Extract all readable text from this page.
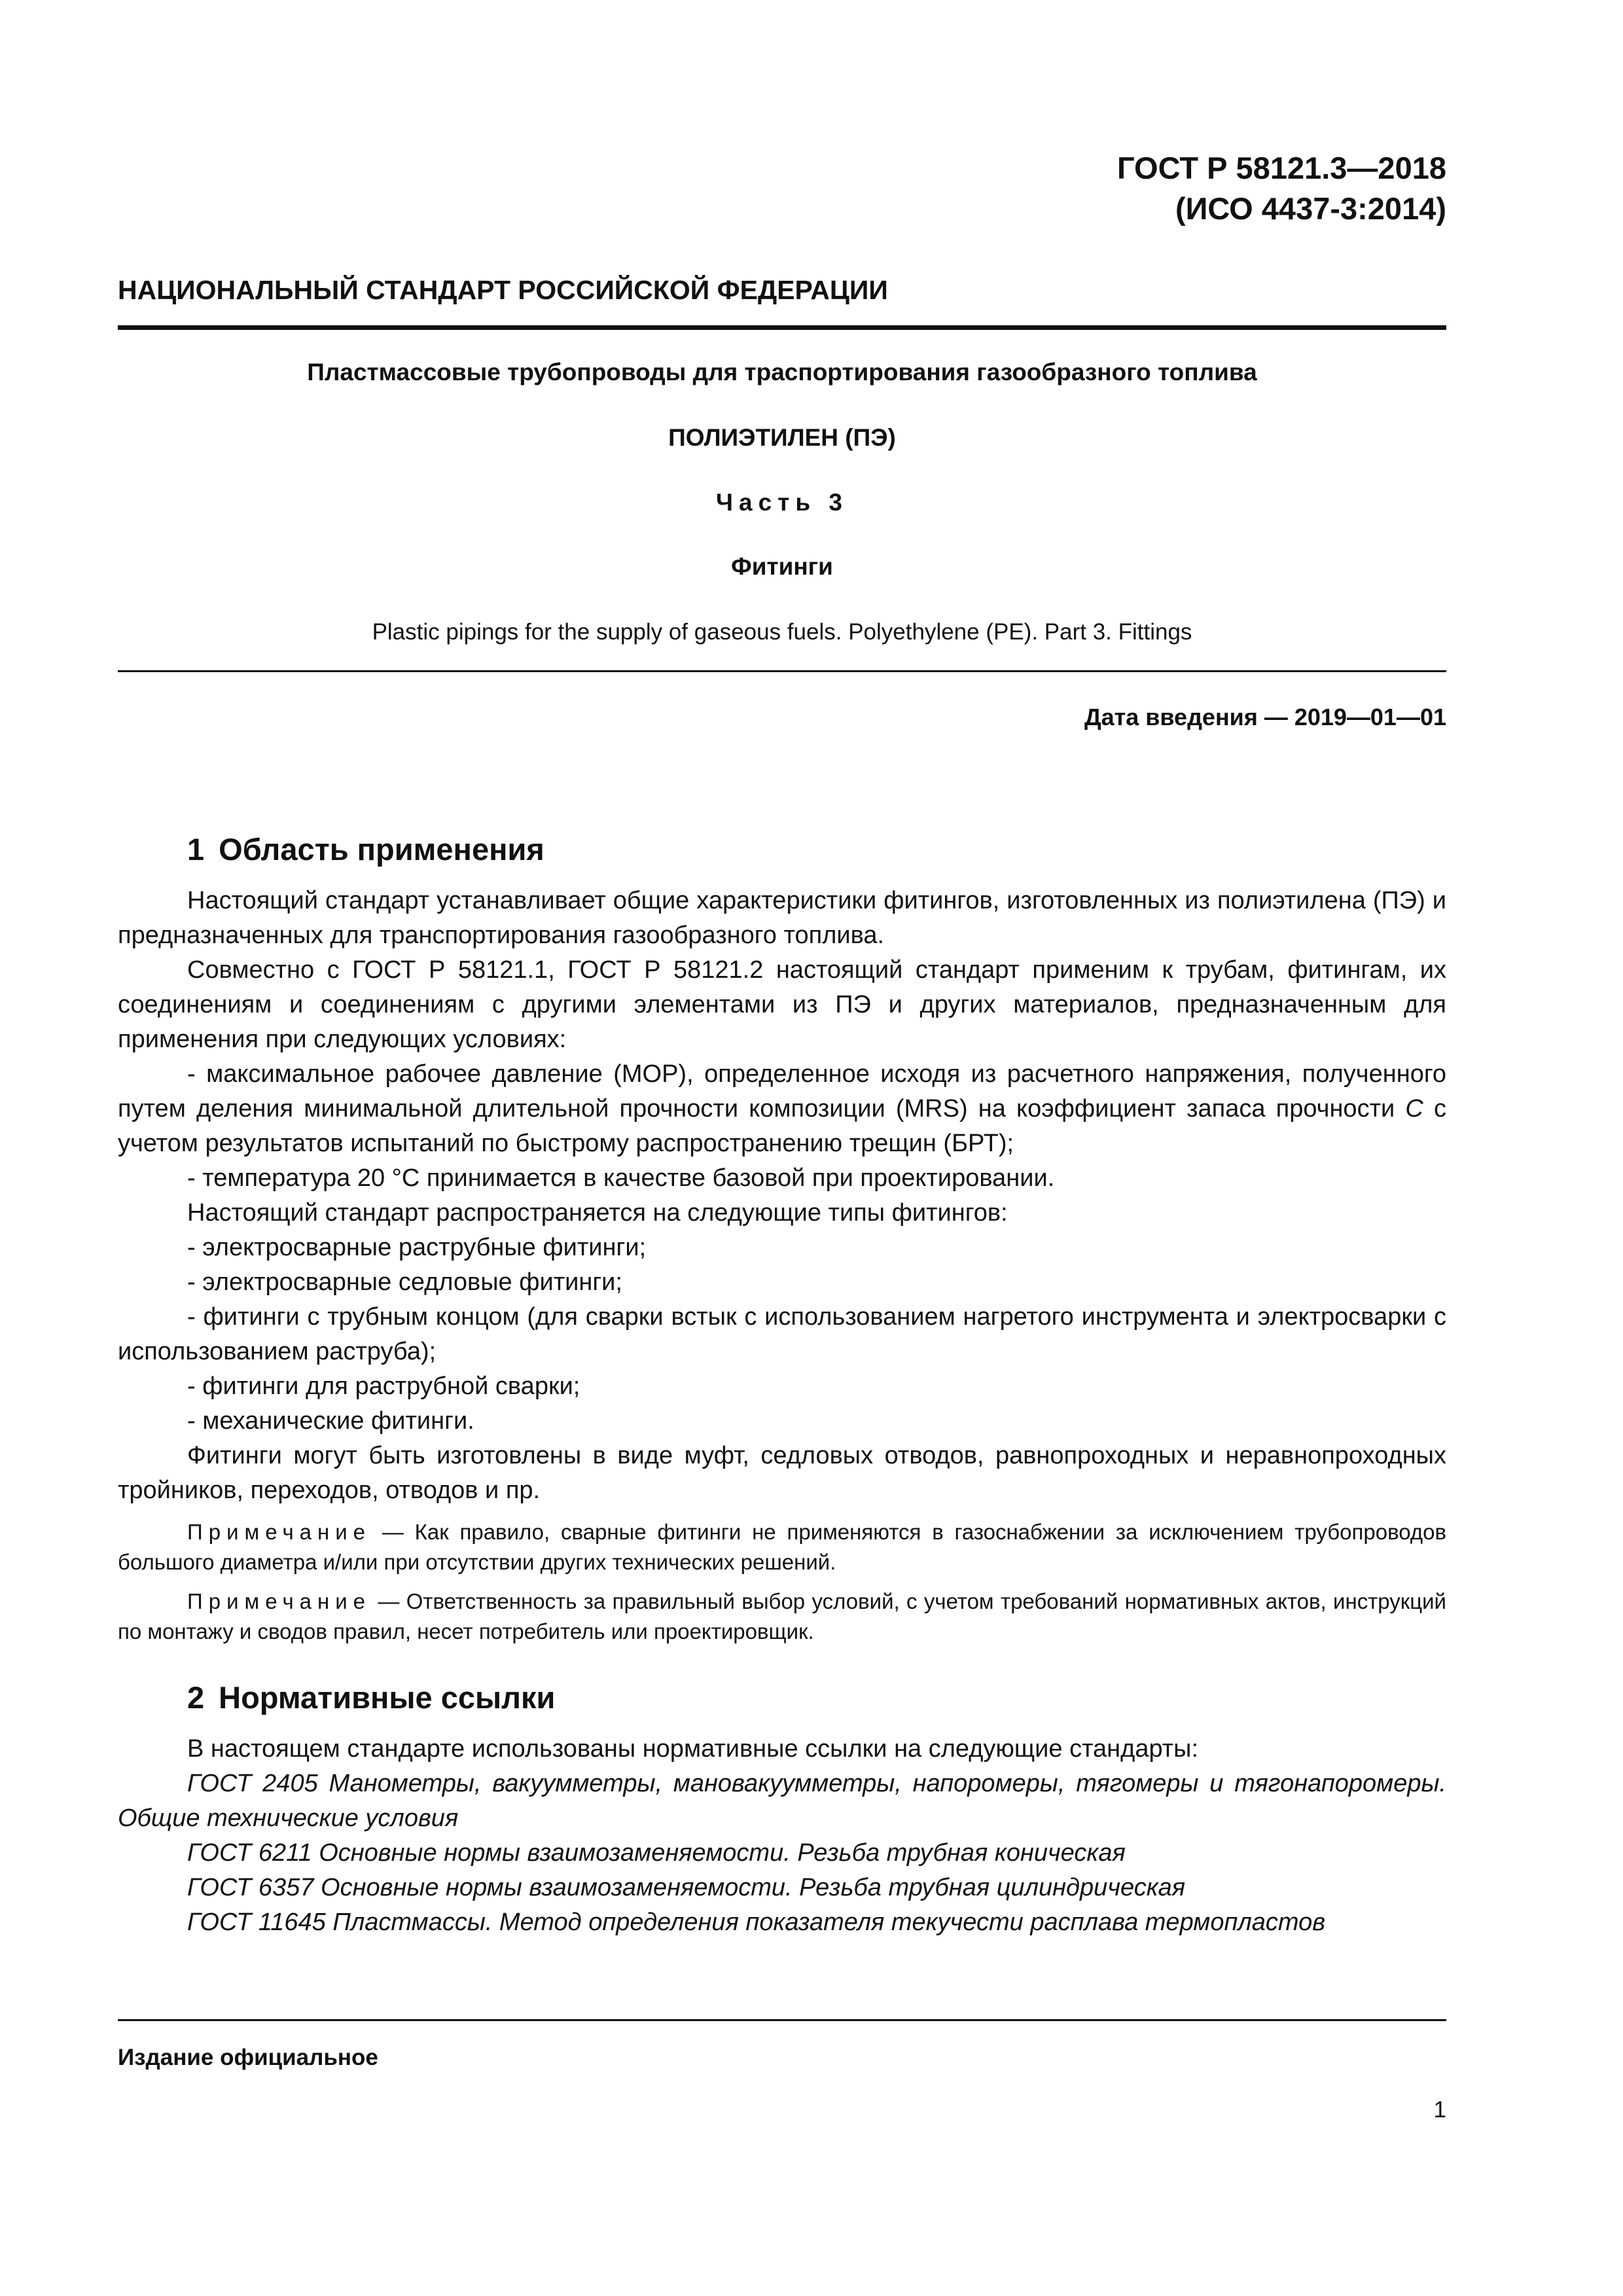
ГОСТ Р 58121.3—2018
(ИСО 4437-3:2014)
НАЦИОНАЛЬНЫЙ СТАНДАРТ РОССИЙСКОЙ ФЕДЕРАЦИИ
Пластмассовые трубопроводы для траспортирования газообразного топлива
ПОЛИЭТИЛЕН (ПЭ)
Часть 3
Фитинги
Plastic pipings for the supply of gaseous fuels. Polyethylene (PE). Part 3. Fittings
Дата введения — 2019—01—01
1 Область применения

Настоящий стандарт устанавливает общие характеристики фитингов, изготовленных из полиэтилена (ПЭ) и предназначенных для транспортирования газообразного топлива.

Совместно с ГОСТ Р 58121.1, ГОСТ Р 58121.2 настоящий стандарт применим к трубам, фитингам, их соединениям и соединениям с другими элементами из ПЭ и других материалов, предназначенным для применения при следующих условиях:

- максимальное рабочее давление (MOP), определенное исходя из расчетного напряжения, полученного путем деления минимальной длительной прочности композиции (MRS) на коэффициент запаса прочности C с учетом результатов испытаний по быстрому распространению трещин (БРТ);

- температура 20 °С принимается в качестве базовой при проектировании.

Настоящий стандарт распространяется на следующие типы фитингов:

- электросварные раструбные фитинги;

- электросварные седловые фитинги;

- фитинги с трубным концом (для сварки встык с использованием нагретого инструмента и электросварки с использованием раструба);

- фитинги для раструбной сварки;

- механические фитинги.

Фитинги могут быть изготовлены в виде муфт, седловых отводов, равнопроходных и неравнопроходных тройников, переходов, отводов и пр.

Примечание — Как правило, сварные фитинги не применяются в газоснабжении за исключением трубопроводов большого диаметра и/или при отсутствии других технических решений.

Примечание — Ответственность за правильный выбор условий, с учетом требований нормативных актов, инструкций по монтажу и сводов правил, несет потребитель или проектировщик.

2 Нормативные ссылки

В настоящем стандарте использованы нормативные ссылки на следующие стандарты:

ГОСТ 2405 Манометры, вакуумметры, мановакуумметры, напоромеры, тягомеры и тягонапоромеры. Общие технические условия

ГОСТ 6211 Основные нормы взаимозаменяемости. Резьба трубная коническая

ГОСТ 6357 Основные нормы взаимозаменяемости. Резьба трубная цилиндрическая

ГОСТ 11645 Пластмассы. Метод определения показателя текучести расплава термопластов

Издание официальное
1
